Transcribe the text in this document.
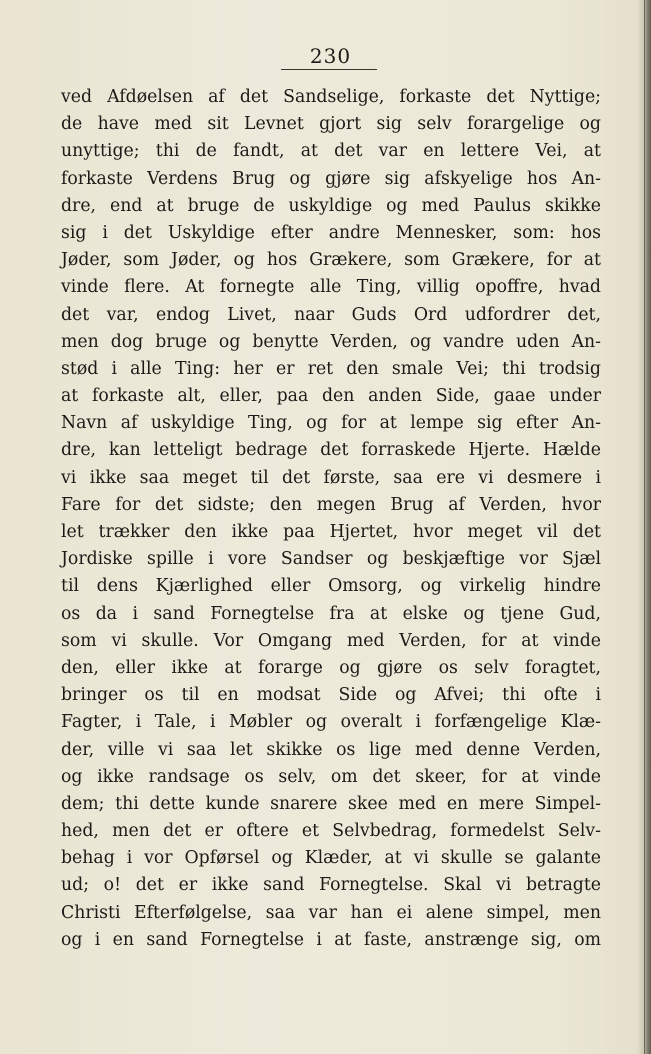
230
ved Afdøelsen af det Sandselige, forkaste det Nyttige;
de have med sit Levnet gjort sig selv forargelige og
unyttige; thi de fandt, at det var en lettere Vei, at
forkaste Verdens Brug og gjøre sig afskyelige hos An-
dre, end at bruge de uskyldige og med Paulus skikke
sig i det Uskyldige efter andre Mennesker, som: hos
Jøder, som Jøder, og hos Grækere, som Grækere, for at
vinde flere. At fornegte alle Ting, villig opoffre, hvad
det var, endog Livet, naar Guds Ord udfordrer det,
men dog bruge og benytte Verden, og vandre uden An-
stød i alle Ting: her er ret den smale Vei; thi trodsig
at forkaste alt, eller, paa den anden Side, gaae under
Navn af uskyldige Ting, og for at lempe sig efter An-
dre, kan letteligt bedrage det forraskede Hjerte. Hælde
vi ikke saa meget til det første, saa ere vi desmere i
Fare for det sidste; den megen Brug af Verden, hvor
let trækker den ikke paa Hjertet, hvor meget vil det
Jordiske spille i vore Sandser og beskjæftige vor Sjæl
til dens Kjærlighed eller Omsorg, og virkelig hindre
os da i sand Fornegtelse fra at elske og tjene Gud,
som vi skulle. Vor Omgang med Verden, for at vinde
den, eller ikke at forarge og gjøre os selv foragtet,
bringer os til en modsat Side og Afvei; thi ofte i
Fagter, i Tale, i Møbler og overalt i forfængelige Klæ-
der, ville vi saa let skikke os lige med denne Verden,
og ikke randsage os selv, om det skeer, for at vinde
dem; thi dette kunde snarere skee med en mere Simpel-
hed, men det er oftere et Selvbedrag, formedelst Selv-
behag i vor Opførsel og Klæder, at vi skulle se galante
ud; o! det er ikke sand Fornegtelse. Skal vi betragte
Christi Efterfølgelse, saa var han ei alene simpel, men
og i en sand Fornegtelse i at faste, anstrænge sig, om
